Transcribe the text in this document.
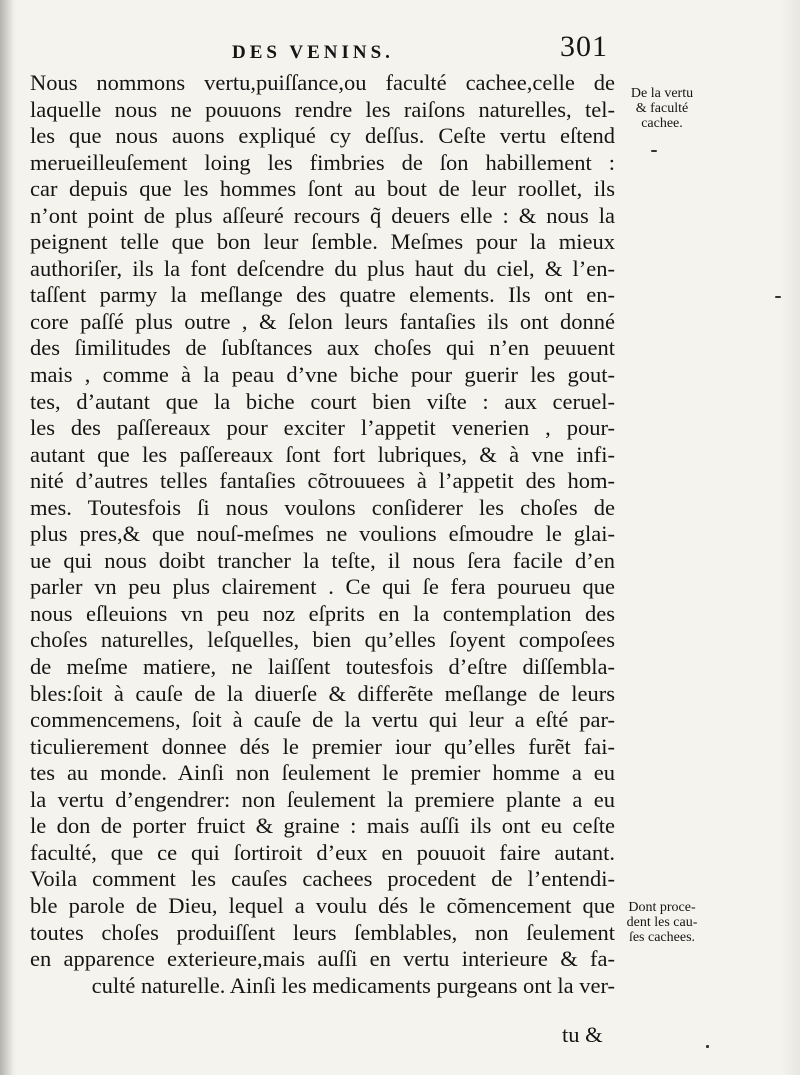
DES VENINS.	301
Nous nommons vertu,puiſſance,ou faculté cachee,celle de
laquelle nous ne pouuons rendre les raiſons naturelles, tel-
les que nous auons expliqué cy deſſus. Ceſte vertu eſtend
merueilleuſement loing les fimbries de ſon habillement :
car depuis que les hommes ſont au bout de leur roollet, ils
n’ont point de plus aſſeuré recours q̃ deuers elle : & nous la
peignent telle que bon leur ſemble. Meſmes pour la mieux
authoriſer, ils la font deſcendre du plus haut du ciel, & l’en-
taſſent parmy la meſlange des quatre elements. Ils ont en-
core paſſé plus outre , & ſelon leurs fantaſies ils ont donné
des ſimilitudes de ſubſtances aux choſes qui n’en peuuent
mais , comme à la peau d’vne biche pour guerir les gout-
tes, d’autant que la biche court bien viſte : aux ceruel-
les des paſſereaux pour exciter l’appetit venerien , pour-
autant que les paſſereaux ſont fort lubriques, & à vne infi-
nité d’autres telles fantaſies cõtrouuees à l’appetit des hom-
mes. Toutesfois ſi nous voulons conſiderer les choſes de
plus pres,& que nouſ-meſmes ne voulions eſmoudre le glai-
ue qui nous doibt trancher la teſte, il nous ſera facile d’en
parler vn peu plus clairement . Ce qui ſe fera pourueu que
nous eſleuions vn peu noz eſprits en la contemplation des
choſes naturelles, leſquelles, bien qu’elles ſoyent compoſees
de meſme matiere, ne laiſſent toutesfois d’eſtre diſſembla-
bles:ſoit à cauſe de la diuerſe & differẽte meſlange de leurs
commencemens, ſoit à cauſe de la vertu qui leur a eſté par-
ticulierement donnee dés le premier iour qu’elles furẽt fai-
tes au monde. Ainſi non ſeulement le premier homme a eu
la vertu d’engendrer: non ſeulement la premiere plante a eu
le don de porter fruict & graine : mais auſſi ils ont eu ceſte
faculté, que ce qui ſortiroit d’eux en pouuoit faire autant.
Voila comment les cauſes cachees procedent de l’entendi-
ble parole de Dieu, lequel a voulu dés le cõmencement que
toutes choſes produiſſent leurs ſemblables, non ſeulement
en apparence exterieure,mais auſſi en vertu interieure & fa-
culté naturelle. Ainſi les medicaments purgeans ont la ver-
tu &
De la vertu
& faculté
cachee.
Dont proce-
dent les cau-
ſes cachees.
